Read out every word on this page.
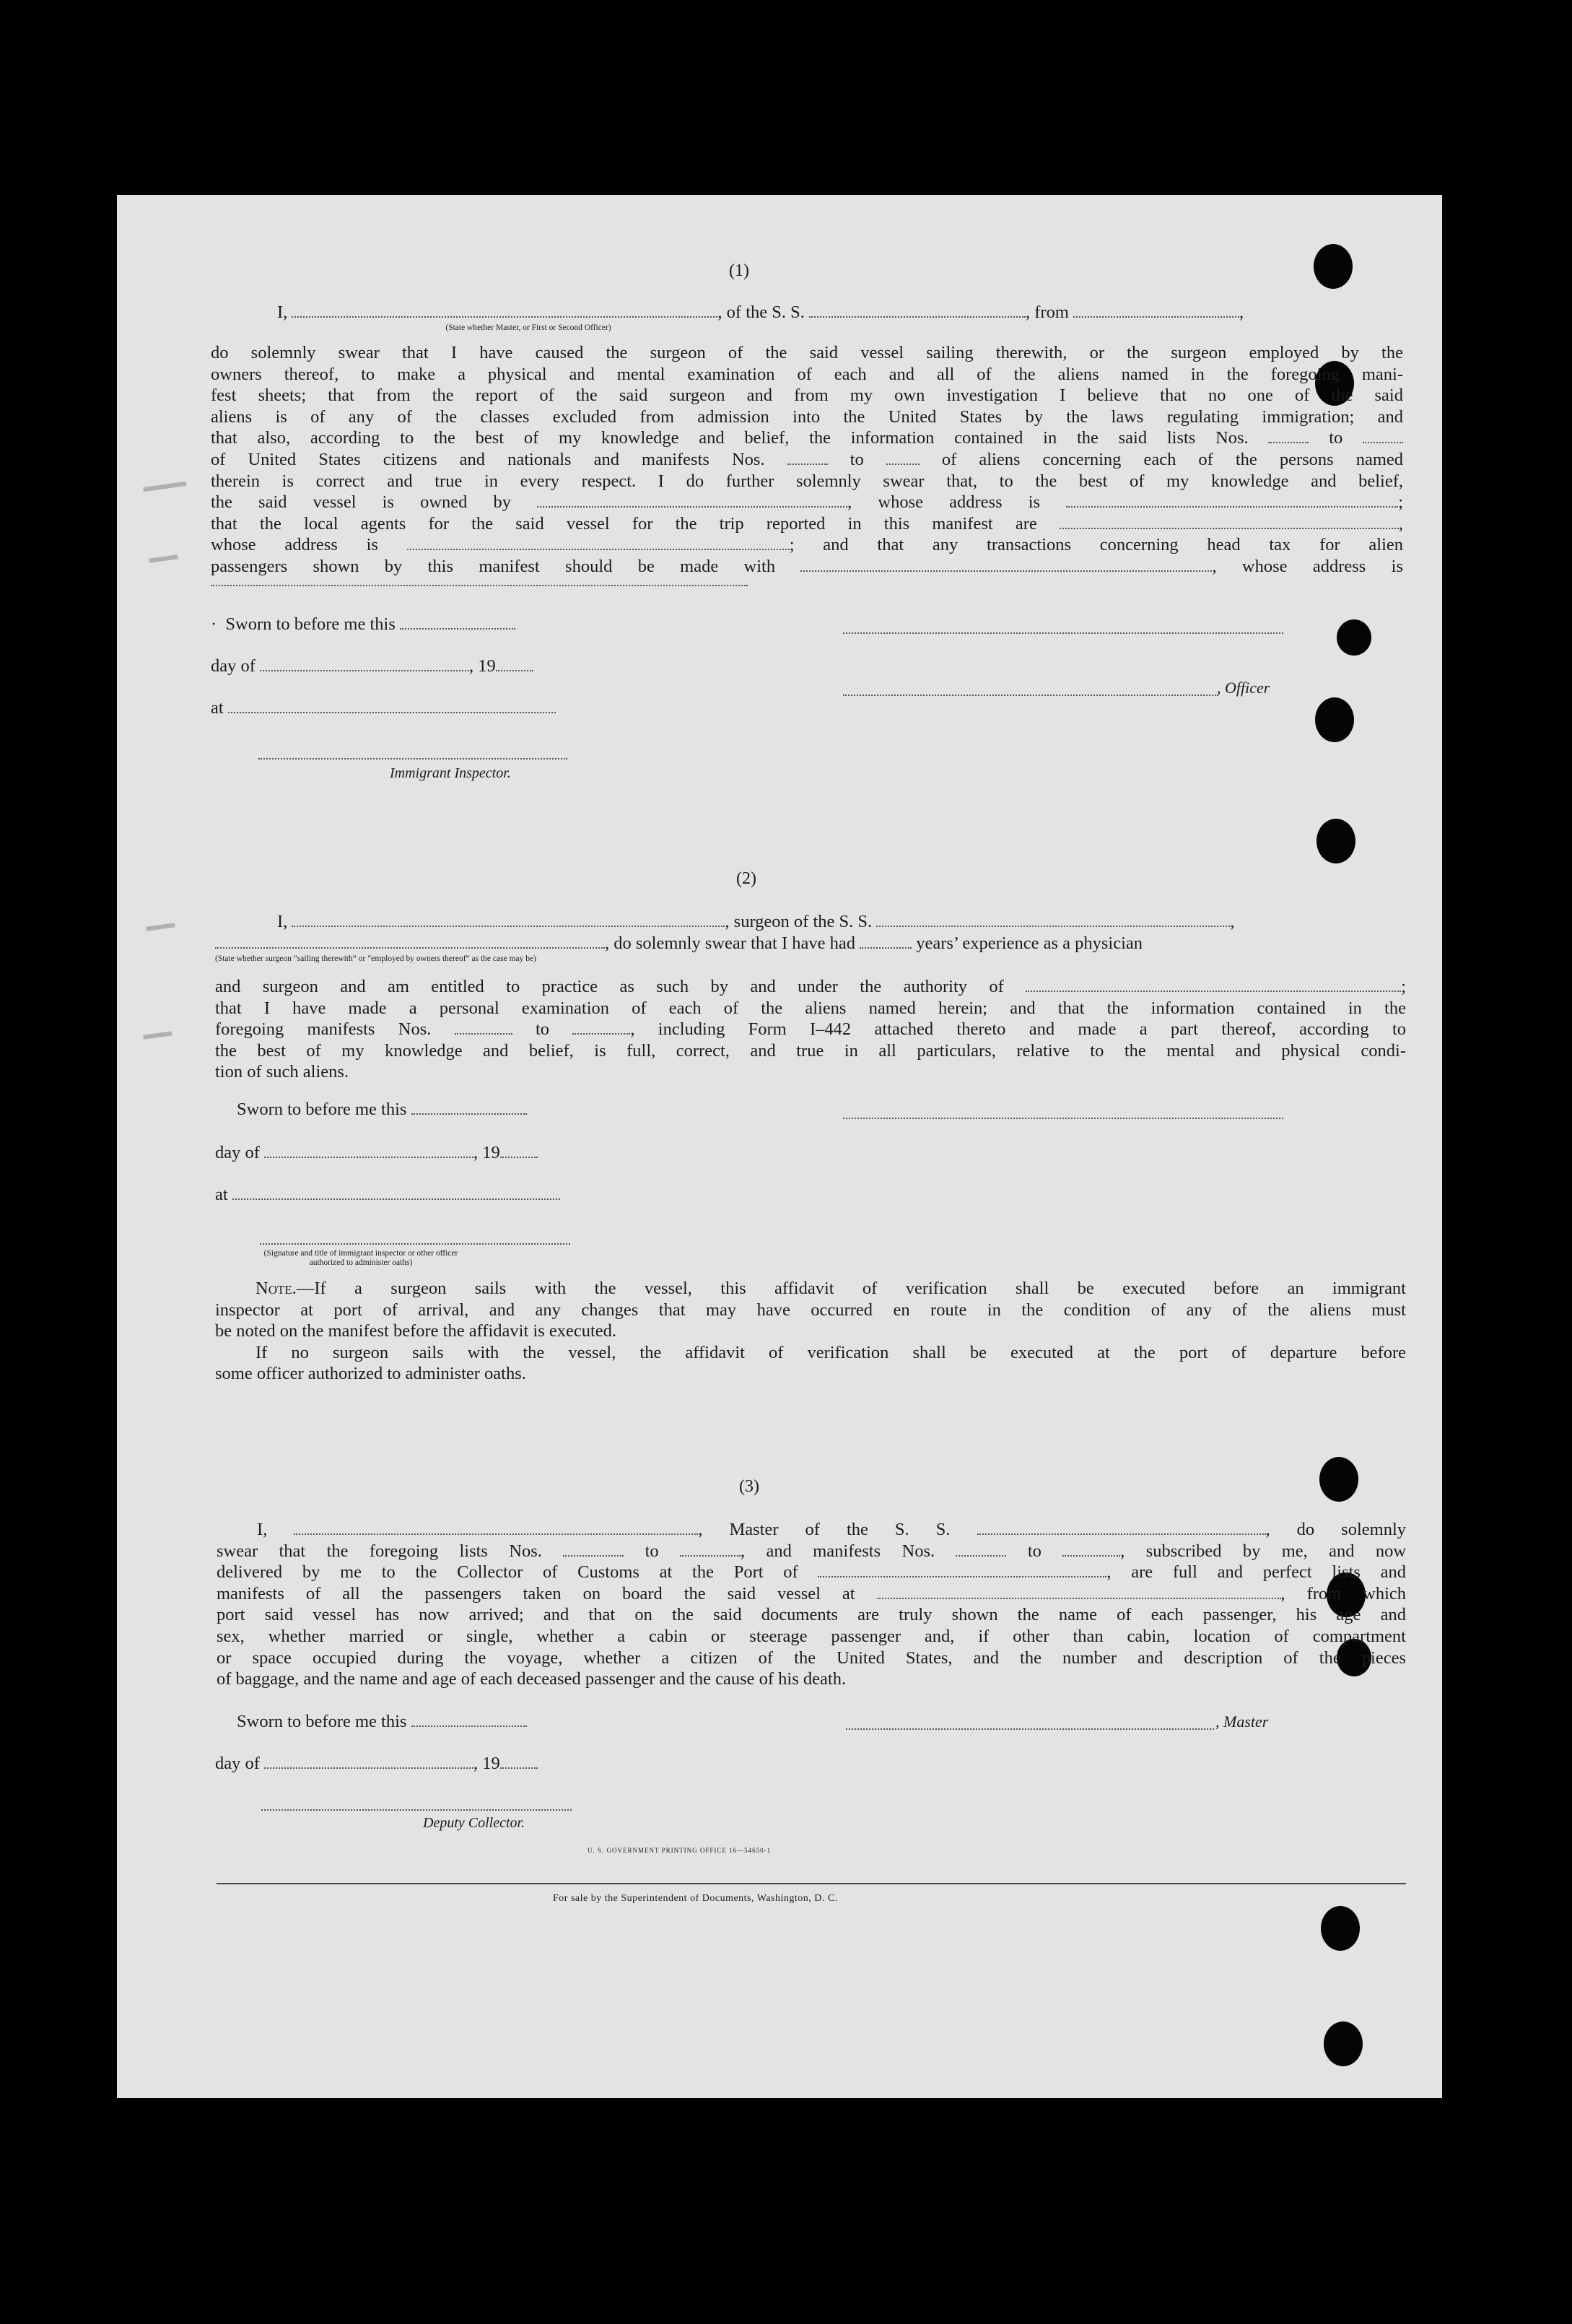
▬▬▬
▬▬
▬▬
▬▬
(1)
I,	, of the S. S.	, from	,
(State whether Master, or First or Second Officer)
do solemnly swear that I have caused the surgeon of the said vessel sailing therewith, or the surgeon employed by the
owners thereof, to make a physical and mental examination of each and all of the aliens named in the foregoing mani-
fest sheets; that from the report of the said surgeon and from my own investigation I believe that no one of the said
aliens is of any of the classes excluded from admission into the United States by the laws regulating immigration; and
that also, according to the best of my knowledge and belief, the information contained in the said lists Nos.	to
of United States citizens and nationals and manifests Nos.	to	of aliens concerning each of the persons named
therein is correct and true in every respect. I do further solemnly swear that, to the best of my knowledge and belief,
the said vessel is owned by	, whose address is	;
that the local agents for the said vessel for the trip reported in this manifest are	,
whose address is	; and that any transactions concerning head tax for alien
passengers shown by this manifest should be made with	, whose address is
·  Sworn to before me this
day of	, 19
at
Immigrant Inspector.
, Officer
(2)
I,	, surgeon of the S. S.	,
, do solemnly swear that I have had	years’ experience as a physician
(State whether surgeon “sailing therewith” or “employed by owners thereof” as the case may be)
and surgeon and am entitled to practice as such by and under the authority of	;
that I have made a personal examination of each of the aliens named herein; and that the information contained in the
foregoing manifests Nos.	to	, including Form I–442 attached thereto and made a part thereof, according to
the best of my knowledge and belief, is full, correct, and true in all particulars, relative to the mental and physical condi-
tion of such aliens.
Sworn to before me this
day of	, 19
at
(Signature and title of immigrant inspector or other officer authorized to administer oaths)
Note.—If a surgeon sails with the vessel, this affidavit of verification shall be executed before an immigrant
inspector at port of arrival, and any changes that may have occurred en route in the condition of any of the aliens must
be noted on the manifest before the affidavit is executed.
If no surgeon sails with the vessel, the affidavit of verification shall be executed at the port of departure before
some officer authorized to administer oaths.
(3)
I,	, Master of the S. S.	, do solemnly
swear that the foregoing lists Nos.	to	, and manifests Nos.	to	, subscribed by me, and now
delivered by me to the Collector of Customs at the Port of	, are full and perfect lists and
manifests of all the passengers taken on board the said vessel at	, from which
port said vessel has now arrived; and that on the said documents are truly shown the name of each passenger, his age and
sex, whether married or single, whether a cabin or steerage passenger and, if other than cabin, location of compartment
or space occupied during the voyage, whether a citizen of the United States, and the number and description of the pieces
of baggage, and the name and age of each deceased passenger and the cause of his death.
Sworn to before me this	, Master
day of	, 19
Deputy Collector.
U. S. GOVERNMENT PRINTING OFFICE 16—54650-1
For sale by the Superintendent of Documents, Washington, D. C.
